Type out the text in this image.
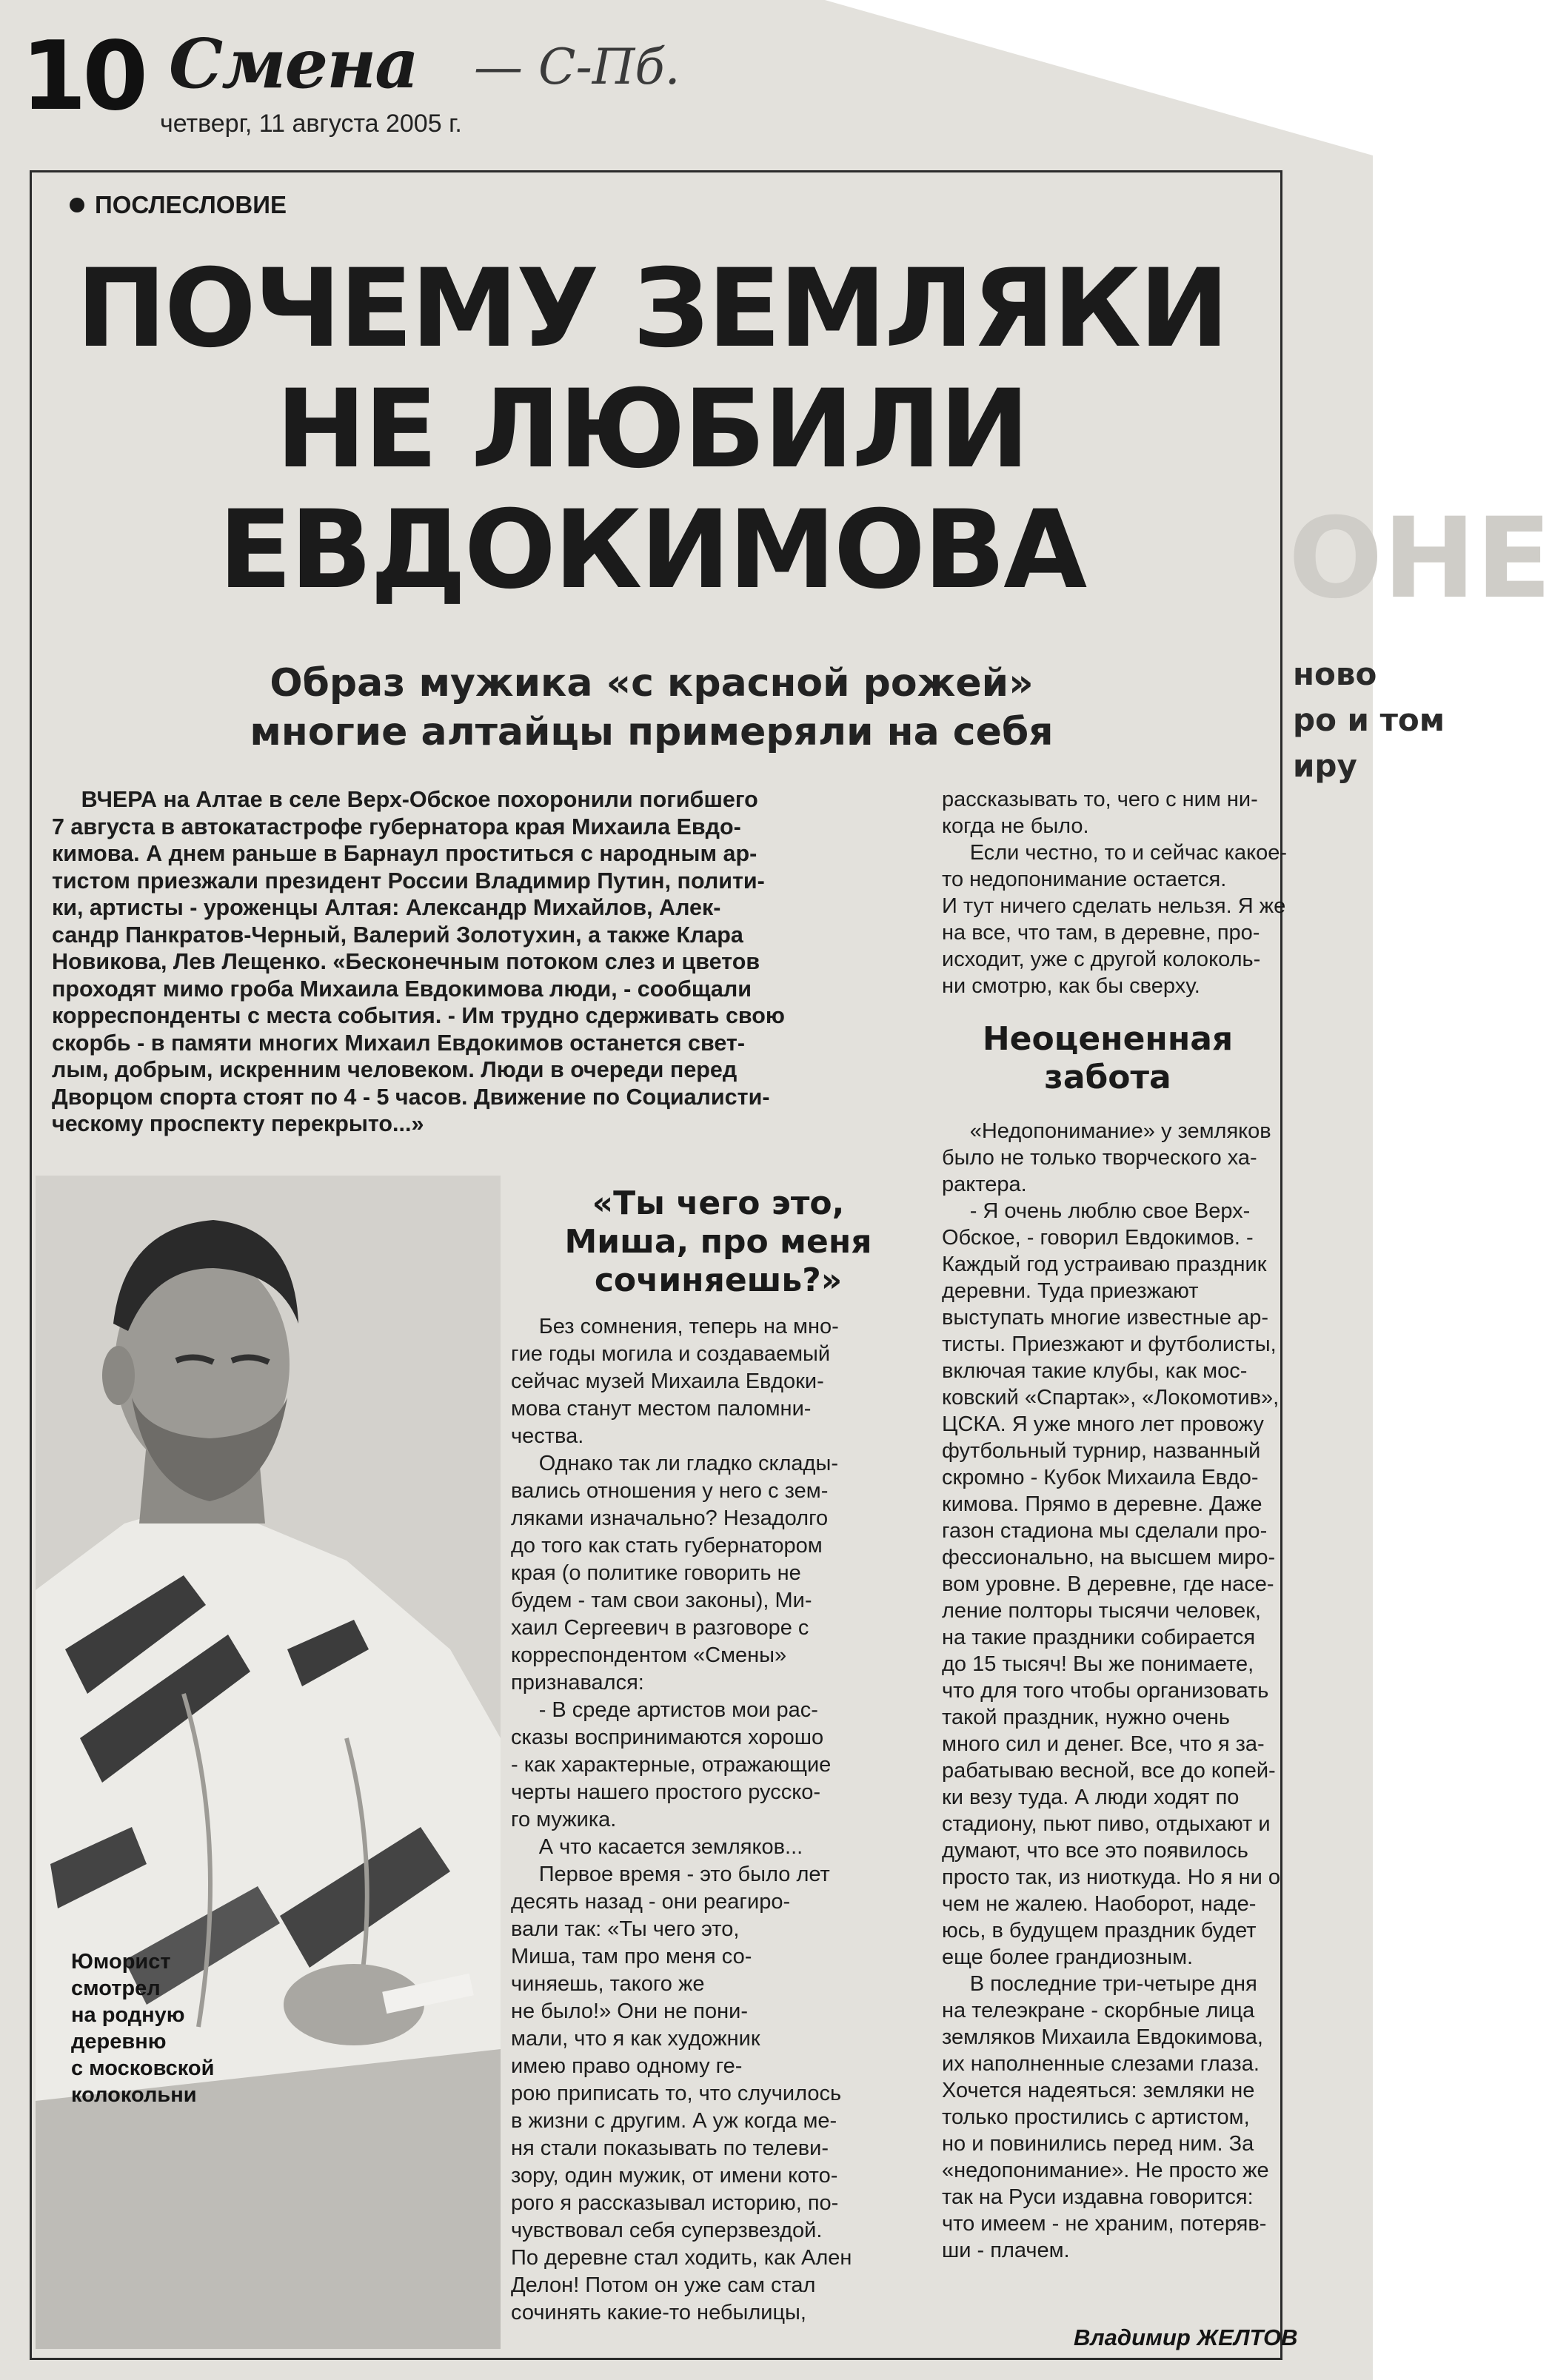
10 Смена — С-Пб.
четверг, 11 августа 2005 г.
ОНЕ
ново
ро и том
иру
ПОСЛЕСЛОВИЕ
ПОЧЕМУ ЗЕМЛЯКИ
НЕ ЛЮБИЛИ
ЕВДОКИМОВА
Образ мужика «с красной рожей»
многие алтайцы примеряли на себя
ВЧЕРА на Алтае в селе Верх-Обское похоронили погибшего
7 августа в автокатастрофе губернатора края Михаила Евдо-
кимова. А днем раньше в Барнаул проститься с народным ар-
тистом приезжали президент России Владимир Путин, полити-
ки, артисты - уроженцы Алтая: Александр Михайлов, Алек-
сандр Панкратов-Черный, Валерий Золотухин, а также Клара
Новикова, Лев Лещенко. «Бесконечным потоком слез и цветов
проходят мимо гроба Михаила Евдокимова люди, - сообщали
корреспонденты с места события. - Им трудно сдерживать свою
скорбь - в памяти многих Михаил Евдокимов останется свет-
лым, добрым, искренним человеком. Люди в очереди перед
Дворцом спорта стоят по 4 - 5 часов. Движение по Социалисти-
ческому проспекту перекрыто...»
Юморист
смотрел
на родную
деревню
с московской
колокольни
«Ты чего это,
Миша, про меня
сочиняешь?»
Без сомнения, теперь на мно-
гие годы могила и создаваемый
сейчас музей Михаила Евдоки-
мова станут местом паломни-
чества.
Однако так ли гладко склады-
вались отношения у него с зем-
ляками изначально? Незадолго
до того как стать губернатором
края (о политике говорить не
будем - там свои законы), Ми-
хаил Сергеевич в разговоре с
корреспондентом «Смены»
признавался:
- В среде артистов мои рас-
сказы воспринимаются хорошо
- как характерные, отражающие
черты нашего простого русско-
го мужика.
А что касается земляков...
Первое время - это было лет
десять назад - они реагиро-
вали так: «Ты чего это,
Миша, там про меня со-
чиняешь, такого же
не было!» Они не пони-
мали, что я как художник
имею право одному ге-
рою приписать то, что случилось
в жизни с другим. А уж когда ме-
ня стали показывать по телеви-
зору, один мужик, от имени кото-
рого я рассказывал историю, по-
чувствовал себя суперзвездой.
По деревне стал ходить, как Ален
Делон! Потом он уже сам стал
сочинять какие-то небылицы,
рассказывать то, чего с ним ни-
когда не было.
Если честно, то и сейчас какое-
то недопонимание остается.
И тут ничего сделать нельзя. Я же
на все, что там, в деревне, про-
исходит, уже с другой колоколь-
ни смотрю, как бы сверху.
Неоцененная
забота
«Недопонимание» у земляков
было не только творческого ха-
рактера.
- Я очень люблю свое Верх-
Обское, - говорил Евдокимов. -
Каждый год устраиваю праздник
деревни. Туда приезжают
выступать многие известные ар-
тисты. Приезжают и футболисты,
включая такие клубы, как мос-
ковский «Спартак», «Локомотив»,
ЦСКА. Я уже много лет провожу
футбольный турнир, названный
скромно - Кубок Михаила Евдо-
кимова. Прямо в деревне. Даже
газон стадиона мы сделали про-
фессионально, на высшем миро-
вом уровне. В деревне, где насе-
ление полторы тысячи человек,
на такие праздники собирается
до 15 тысяч! Вы же понимаете,
что для того чтобы организовать
такой праздник, нужно очень
много сил и денег. Все, что я за-
рабатываю весной, все до копей-
ки везу туда. А люди ходят по
стадиону, пьют пиво, отдыхают и
думают, что все это появилось
просто так, из ниоткуда. Но я ни о
чем не жалею. Наоборот, наде-
юсь, в будущем праздник будет
еще более грандиозным.
В последние три-четыре дня
на телеэкране - скорбные лица
земляков Михаила Евдокимова,
их наполненные слезами глаза.
Хочется надеяться: земляки не
только простились с артистом,
но и повинились перед ним. За
«недопонимание». Не просто же
так на Руси издавна говорится:
что имеем - не храним, потеряв-
ши - плачем.
Владимир ЖЕЛТОВ
